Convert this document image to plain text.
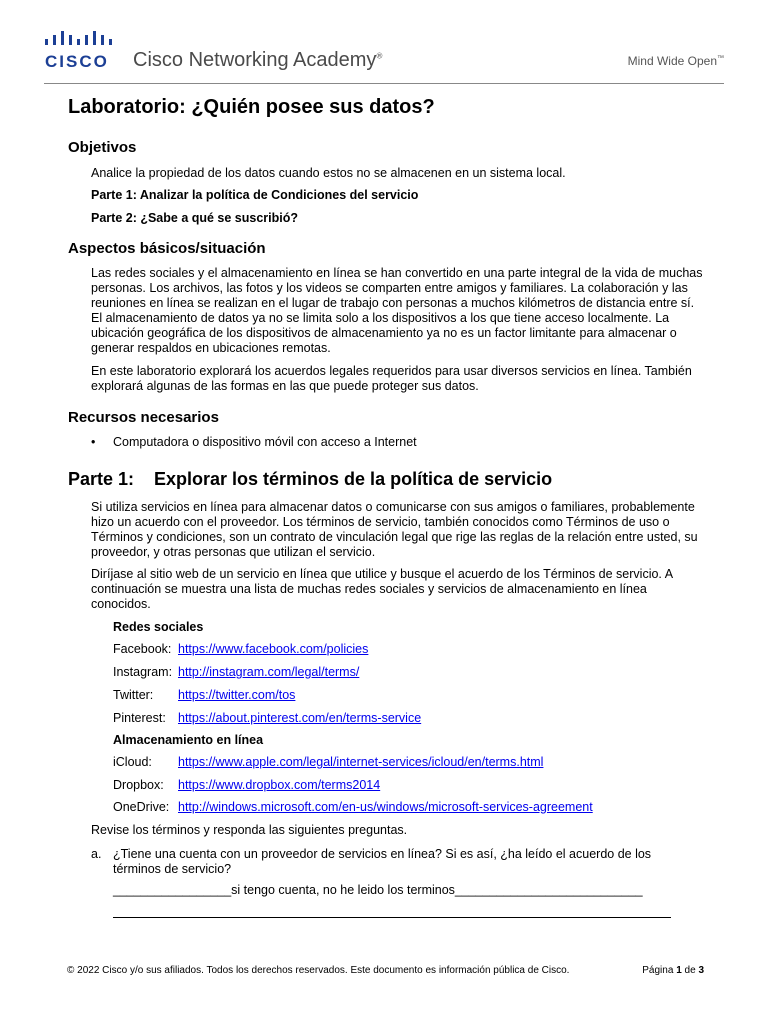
CISCO Cisco Networking Academy®	Mind Wide Open™
Laboratorio: ¿Quién posee sus datos?
Objetivos
Analice la propiedad de los datos cuando estos no se almacenen en un sistema local.
Parte 1: Analizar la política de Condiciones del servicio
Parte 2: ¿Sabe a qué se suscribió?
Aspectos básicos/situación
Las redes sociales y el almacenamiento en línea se han convertido en una parte integral de la vida de muchas personas. Los archivos, las fotos y los videos se comparten entre amigos y familiares. La colaboración y las reuniones en línea se realizan en el lugar de trabajo con personas a muchos kilómetros de distancia entre sí. El almacenamiento de datos ya no se limita solo a los dispositivos a los que tiene acceso localmente. La ubicación geográfica de los dispositivos de almacenamiento ya no es un factor limitante para almacenar o generar respaldos en ubicaciones remotas.
En este laboratorio explorará los acuerdos legales requeridos para usar diversos servicios en línea. También explorará algunas de las formas en las que puede proteger sus datos.
Recursos necesarios
• Computadora o dispositivo móvil con acceso a Internet
Parte 1: Explorar los términos de la política de servicio
Si utiliza servicios en línea para almacenar datos o comunicarse con sus amigos o familiares, probablemente hizo un acuerdo con el proveedor. Los términos de servicio, también conocidos como Términos de uso o Términos y condiciones, son un contrato de vinculación legal que rige las reglas de la relación entre usted, su proveedor, y otras personas que utilizan el servicio.
Diríjase al sitio web de un servicio en línea que utilice y busque el acuerdo de los Términos de servicio. A continuación se muestra una lista de muchas redes sociales y servicios de almacenamiento en línea conocidos.
Redes sociales
Facebook: https://www.facebook.com/policies
Instagram: http://instagram.com/legal/terms/
Twitter: https://twitter.com/tos
Pinterest: https://about.pinterest.com/en/terms-service
Almacenamiento en línea
iCloud: https://www.apple.com/legal/internet-services/icloud/en/terms.html
Dropbox: https://www.dropbox.com/terms2014
OneDrive: http://windows.microsoft.com/en-us/windows/microsoft-services-agreement
Revise los términos y responda las siguientes preguntas.
a. ¿Tiene una cuenta con un proveedor de servicios en línea? Si es así, ¿ha leído el acuerdo de los términos de servicio?
_________________si tengo cuenta, no he leido los terminos___________________________
© 2022 Cisco y/o sus afiliados. Todos los derechos reservados. Este documento es información pública de Cisco.	Página 1 de 3
